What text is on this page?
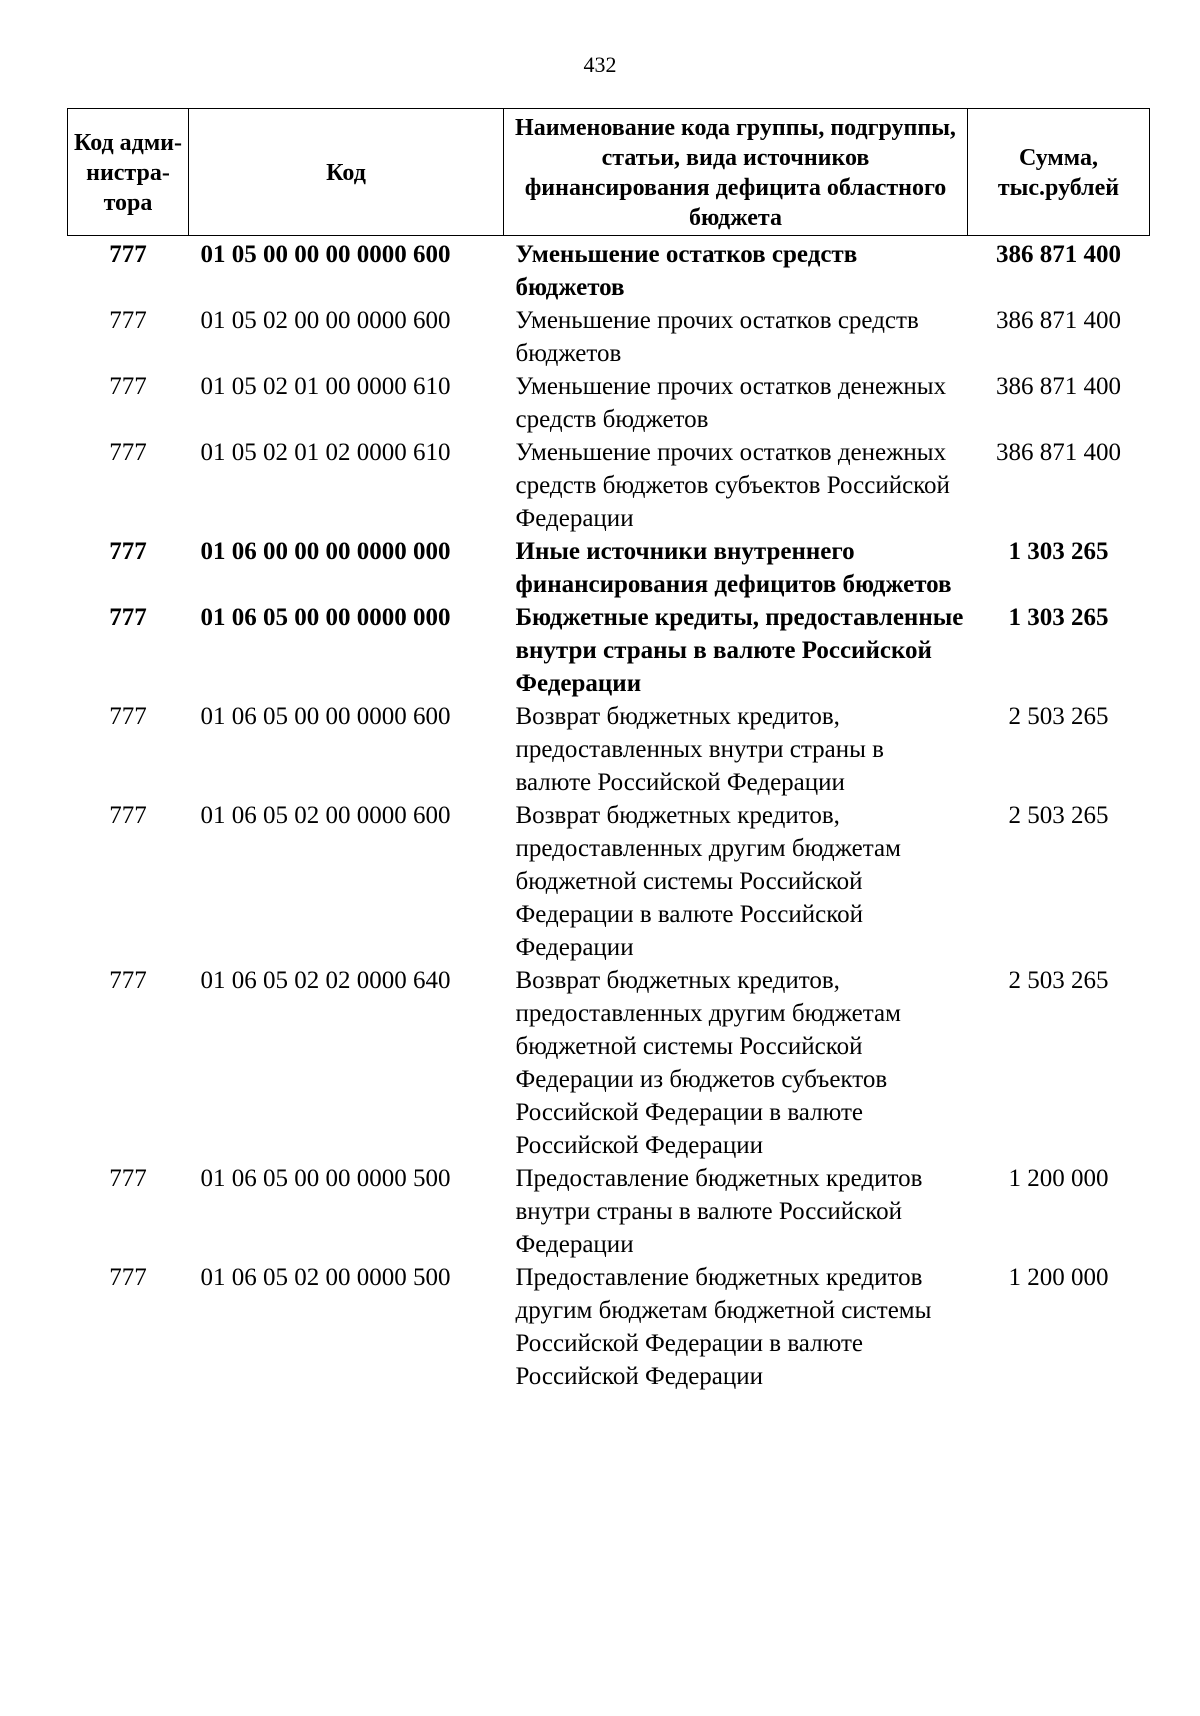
432
Код адми-нистра-тора	Код	Наименование кода группы, подгруппы, статьи, вида источников финансирования дефицита областного бюджета	Сумма, тыс.рублей
777	01 05 00 00 00 0000 600	Уменьшение остатков средств бюджетов	386 871 400
777	01 05 02 00 00 0000 600	Уменьшение прочих остатков средств бюджетов	386 871 400
777	01 05 02 01 00 0000 610	Уменьшение прочих остатков денежных средств бюджетов	386 871 400
777	01 05 02 01 02 0000 610	Уменьшение прочих остатков денежных средств бюджетов субъектов Российской Федерации	386 871 400
777	01 06 00 00 00 0000 000	Иные источники внутреннего финансирования дефицитов бюджетов	1 303 265
777	01 06 05 00 00 0000 000	Бюджетные кредиты, предоставленные внутри страны в валюте Российской Федерации	1 303 265
777	01 06 05 00 00 0000 600	Возврат бюджетных кредитов, предоставленных внутри страны в валюте Российской Федерации	2 503 265
777	01 06 05 02 00 0000 600	Возврат бюджетных кредитов, предоставленных другим бюджетам бюджетной системы Российской Федерации в валюте Российской Федерации	2 503 265
777	01 06 05 02 02 0000 640	Возврат бюджетных кредитов, предоставленных другим бюджетам бюджетной системы Российской Федерации из бюджетов субъектов Российской Федерации в валюте Российской Федерации	2 503 265
777	01 06 05 00 00 0000 500	Предоставление бюджетных кредитов внутри страны в валюте Российской Федерации	1 200 000
777	01 06 05 02 00 0000 500	Предоставление бюджетных кредитов другим бюджетам бюджетной системы Российской Федерации в валюте Российской Федерации	1 200 000
